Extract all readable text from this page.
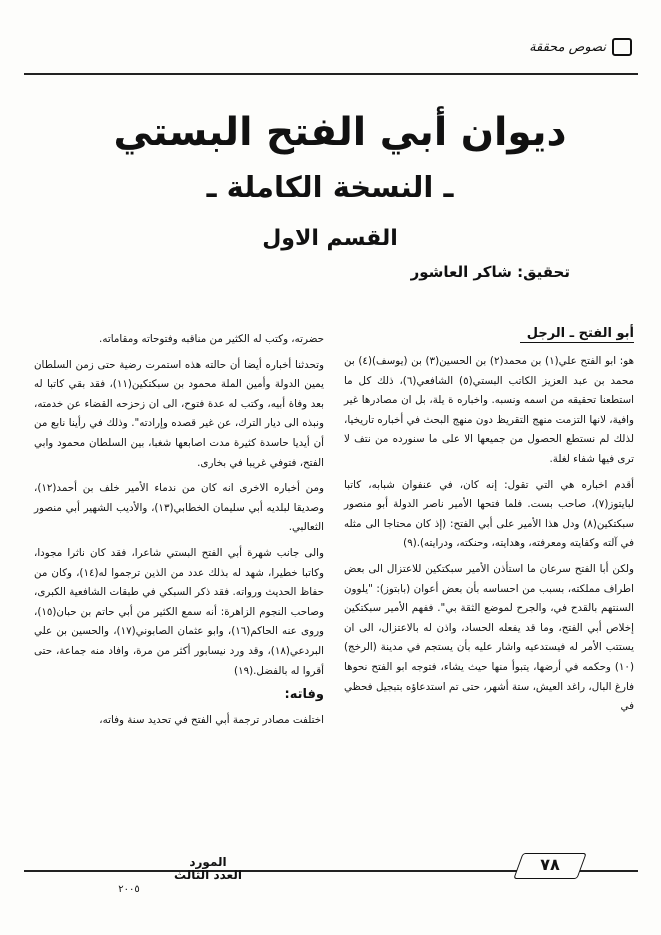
نصوص محققة
ديوان أبي الفتح البستي
ـ النسخة الكاملة ـ
القسم الاول
تحقيق: شاكر العاشور
أبو الفتح ـ الرجل

هو: ابو الفتح علي(١) بن محمد(٢) بن الحسين(٣) بن (يوسف)(٤) بن محمد بن عبد العزيز الكاتب البستي(٥) الشافعي(٦)، ذلك كل ما استطعنا تحقيقه من اسمه ونسبه. واخباره ة يلة، بل ان مصادرها غير وافية، لانها التزمت منهج التقريظ دون منهج البحث في أخباره تاريخيا، لذلك لم نستطع الحصول من جميعها الا على ما سنورده من نتف لا ترى فيها شفاء لغلة.

أقدم اخباره هي التي تقول: إنه كان، في عنفوان شبابه، كاتبا لبايتوز(٧)، صاحب بست. فلما فتحها الأمير ناصر الدولة أبو منصور سبكتكين(٨) ودل هذا الأمير على أبي الفتح: (إذ كان محتاجا الى مثله في آلته وكفايته ومعرفته، وهدايته، وحنكته، ودرايته).(٩)

ولكن أبا الفتح سرعان ما استأذن الأمير سبكتكين للاعتزال الى بعض اطراف مملكته، بسبب من احساسه بأن بعض أعوان (بابتوز): "يلوون السنتهم بالقدح في، والجرح لموضع الثقة بي". ففهم الأمير سبكتكين إخلاص أبي الفتح، وما قد يفعله الحساد، واذن له بالاعتزال، الى ان يستتب الأمر له فيستدعيه واشار عليه بأن يستجم في مدينة (الرخج)(١٠) وحكمه في أرضها، يتبوأ منها حيث يشاء، فتوجه ابو الفتح نحوها فارغ البال، راغد العيش، ستة أشهر، حتى تم استدعاؤه بتبجيل فحظي في

حضرته، وكتب له الكثير من مناقبه وفتوحاته ومقاماته.

وتحدثنا أخباره أيضا أن حالته هذه استمرت رضية حتى زمن السلطان يمين الدولة وأمين الملة محمود بن سبكتكين(١١)، فقد بقي كاتبا له بعد وفاة أبيه، وكتب له عدة فتوح، الى ان زحزحه القضاء عن خدمته، ونبذه الى ديار الترك، عن غير قصده وإرادته". وذلك في رأينا نابع من أن أيديا حاسدة كثيرة مدت اصابعها شغبا، بين السلطان محمود وابي الفتح، فتوفي غريبا في بخارى.

ومن أخباره الاخرى انه كان من ندماء الأمير خلف بن أحمد(١٢)، وصديقا لبلديه أبي سليمان الخطابي(١٣)، والأديب الشهير أبي منصور الثعالبي.

والى جانب شهرة أبي الفتح البستي شاعرا، فقد كان ناثرا مجودا، وكاتبا خطيرا، شهد له بذلك عدد من الذين ترجموا له(١٤)، وكان من حفاظ الحديث ورواته. فقد ذكر السبكي في طبقات الشافعية الكبرى، وصاحب النجوم الزاهرة: أنه سمع الكثير من أبي حاتم بن حبان(١٥)، وروى عنه الحاكم(١٦)، وابو عثمان الصابوني(١٧)، والحسين بن علي البردعي(١٨)، وقد ورد نيسابور أكثر من مرة، وافاد منه جماعة، حتى أقروا له بالفضل.(١٩)

وفاته:

اختلفت مصادر ترجمة أبي الفتح في تحديد سنة وفاته،

٧٨
المورد
العدد الثالث
٢٠٠٥
